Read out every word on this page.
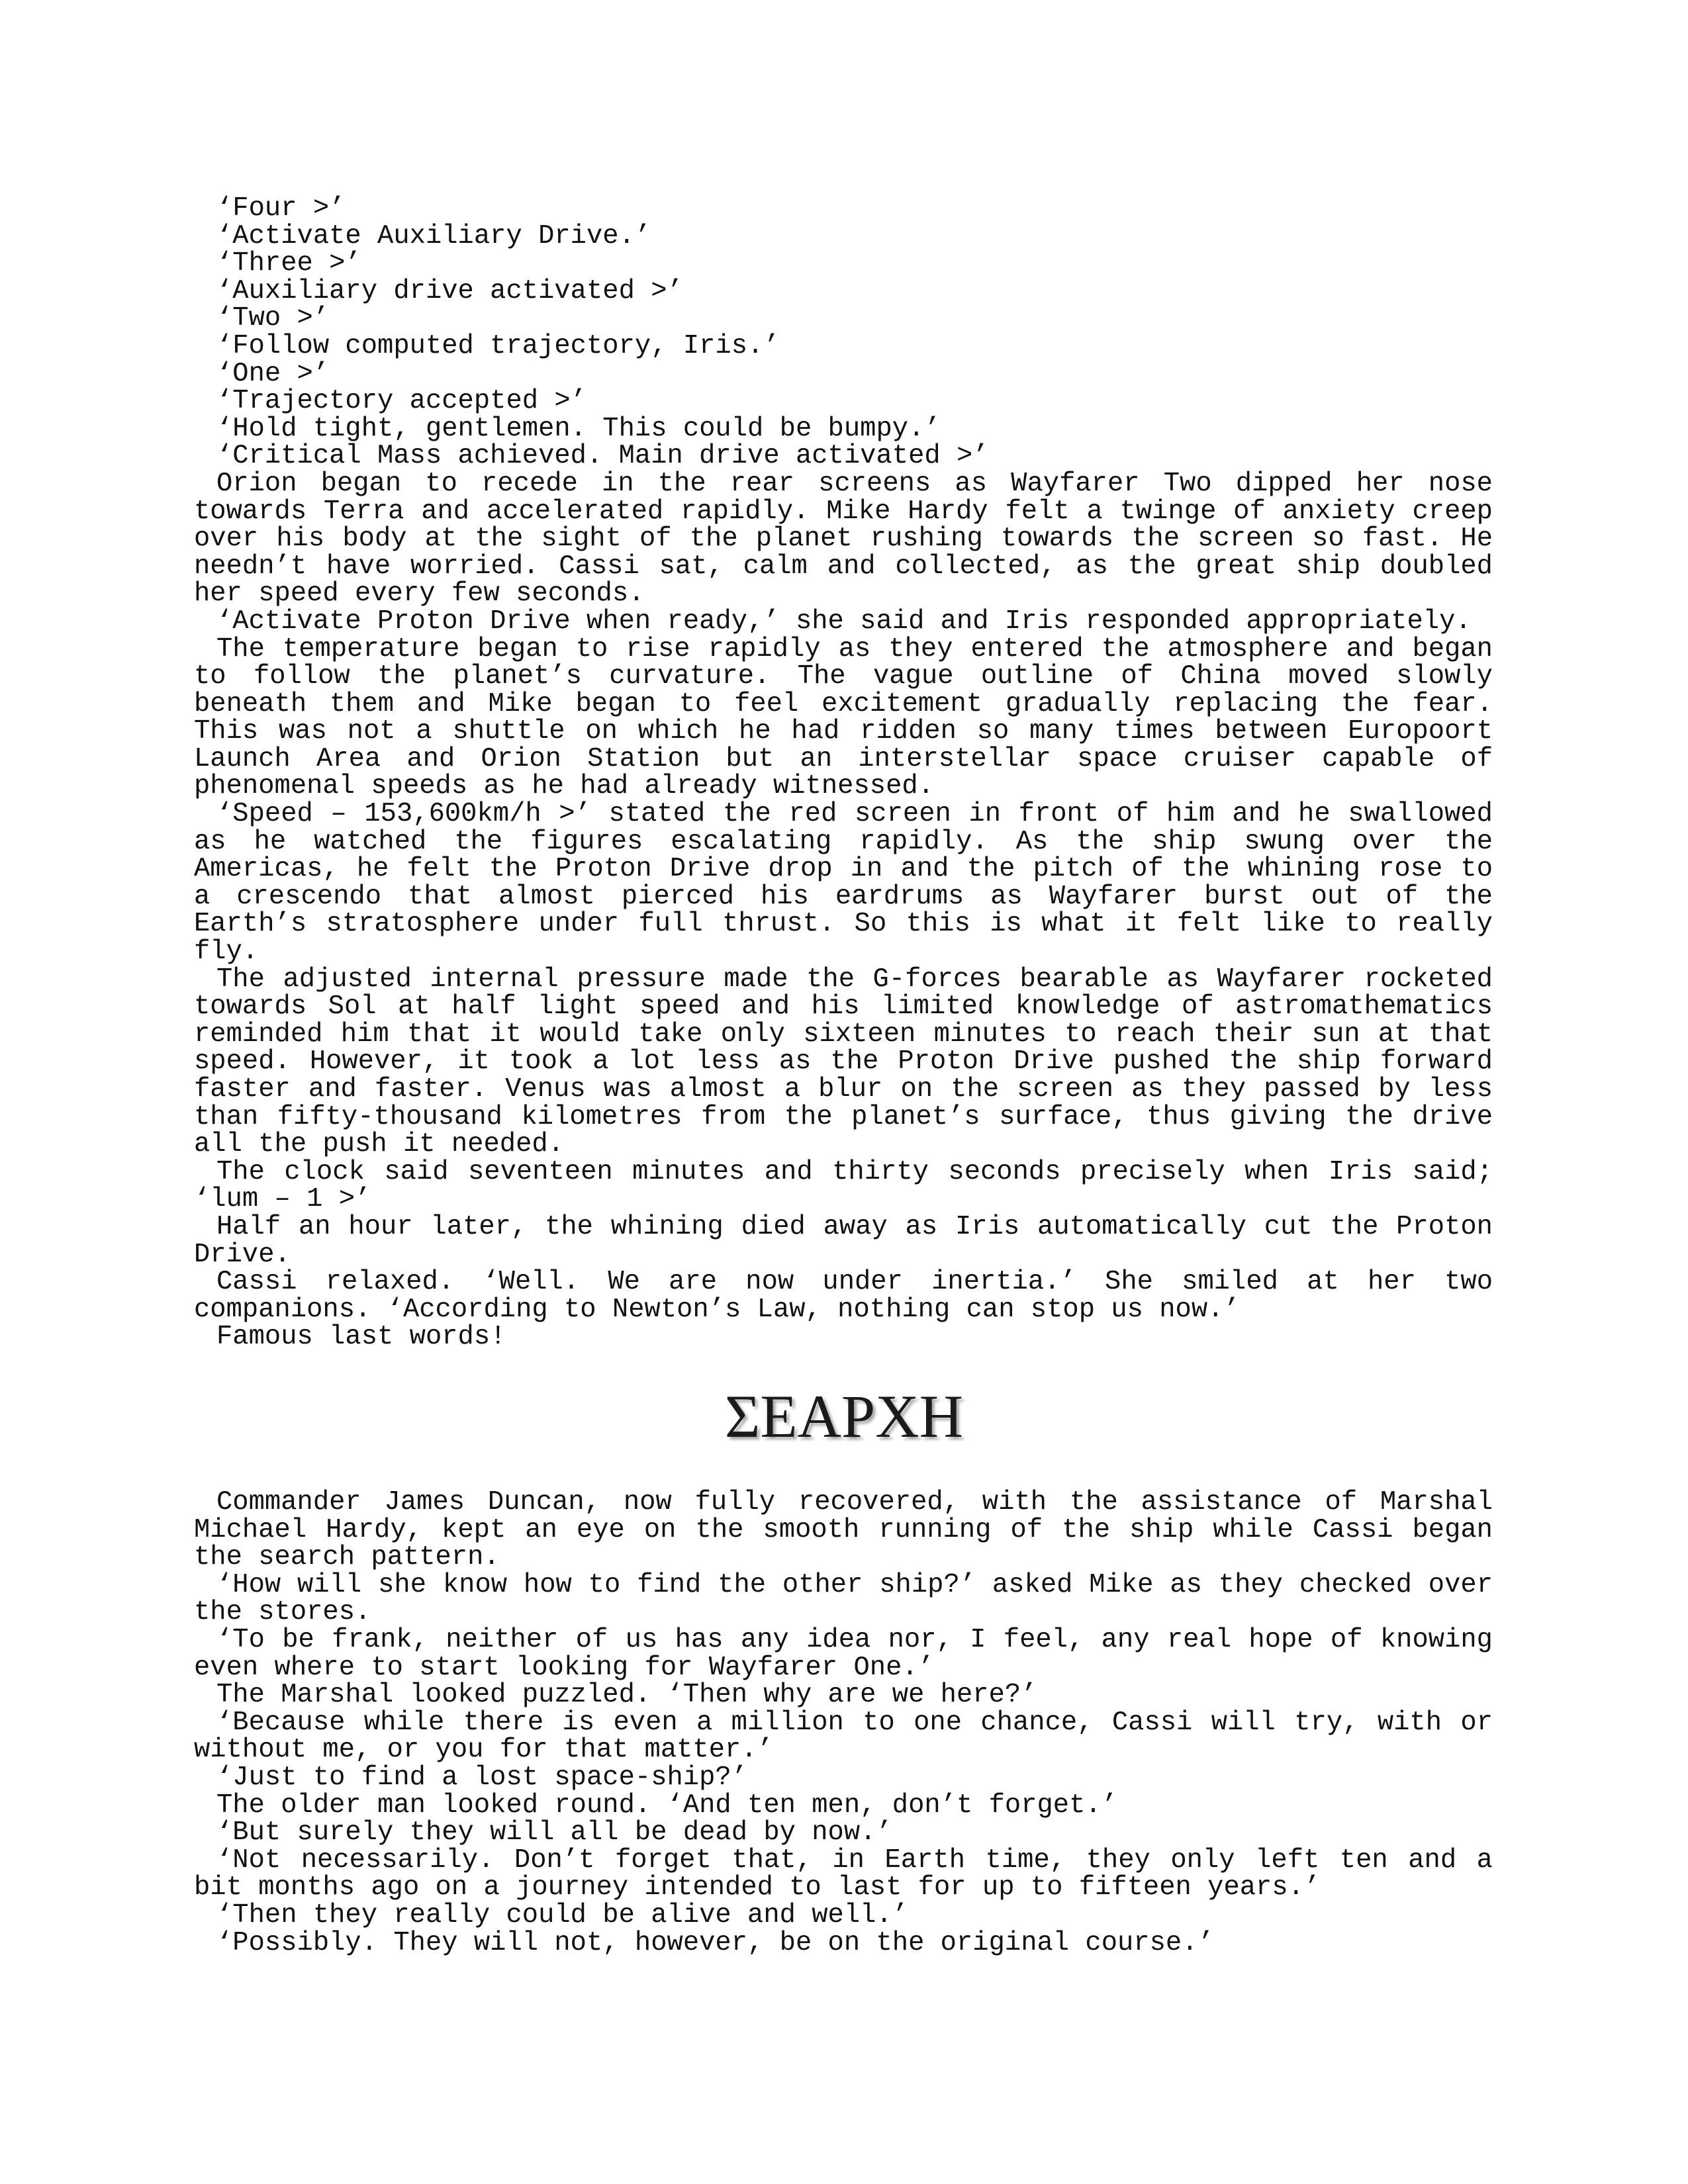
‘Four >’

‘Activate Auxiliary Drive.’

‘Three >’

‘Auxiliary drive activated >’

‘Two >’

‘Follow computed trajectory, Iris.’

‘One >’

‘Trajectory accepted >’

‘Hold tight, gentlemen. This could be bumpy.’

‘Critical Mass achieved. Main drive activated >’

Orion began to recede in the rear screens as Wayfarer Two dipped her nose towards Terra and accelerated rapidly. Mike Hardy felt a twinge of anxiety creep over his body at the sight of the planet rushing towards the screen so fast. He needn’t have worried. Cassi sat, calm and collected, as the great ship doubled her speed every few seconds.

‘Activate Proton Drive when ready,’ she said and Iris responded appropriately.

The temperature began to rise rapidly as they entered the atmosphere and began to follow the planet’s curvature. The vague outline of China moved slowly beneath them and Mike began to feel excitement gradually replacing the fear. This was not a shuttle on which he had ridden so many times between Europoort Launch Area and Orion Station but an interstellar space cruiser capable of phenomenal speeds as he had already witnessed.

‘Speed – 153,600km/h >’ stated the red screen in front of him and he swallowed as he watched the figures escalating rapidly. As the ship swung over the Americas, he felt the Proton Drive drop in and the pitch of the whining rose to a crescendo that almost pierced his eardrums as Wayfarer burst out of the Earth’s stratosphere under full thrust. So this is what it felt like to really fly.

The adjusted internal pressure made the G-forces bearable as Wayfarer rocketed towards Sol at half light speed and his limited knowledge of astromathematics reminded him that it would take only sixteen minutes to reach their sun at that speed. However, it took a lot less as the Proton Drive pushed the ship forward faster and faster. Venus was almost a blur on the screen as they passed by less than fifty-thousand kilometres from the planet’s surface, thus giving the drive all the push it needed.

The clock said seventeen minutes and thirty seconds precisely when Iris said; ‘lum – 1 >’

Half an hour later, the whining died away as Iris automatically cut the Proton Drive.

Cassi relaxed. ‘Well. We are now under inertia.’ She smiled at her two companions. ‘According to Newton’s Law, nothing can stop us now.’

Famous last words!

ΣΕΑΡΧΗ

Commander James Duncan, now fully recovered, with the assistance of Marshal Michael Hardy, kept an eye on the smooth running of the ship while Cassi began the search pattern.

‘How will she know how to find the other ship?’ asked Mike as they checked over the stores.

‘To be frank, neither of us has any idea nor, I feel, any real hope of knowing even where to start looking for Wayfarer One.’

The Marshal looked puzzled. ‘Then why are we here?’

‘Because while there is even a million to one chance, Cassi will try, with or without me, or you for that matter.’

‘Just to find a lost space-ship?’

The older man looked round. ‘And ten men, don’t forget.’

‘But surely they will all be dead by now.’

‘Not necessarily. Don’t forget that, in Earth time, they only left ten and a bit months ago on a journey intended to last for up to fifteen years.’

‘Then they really could be alive and well.’

‘Possibly. They will not, however, be on the original course.’
